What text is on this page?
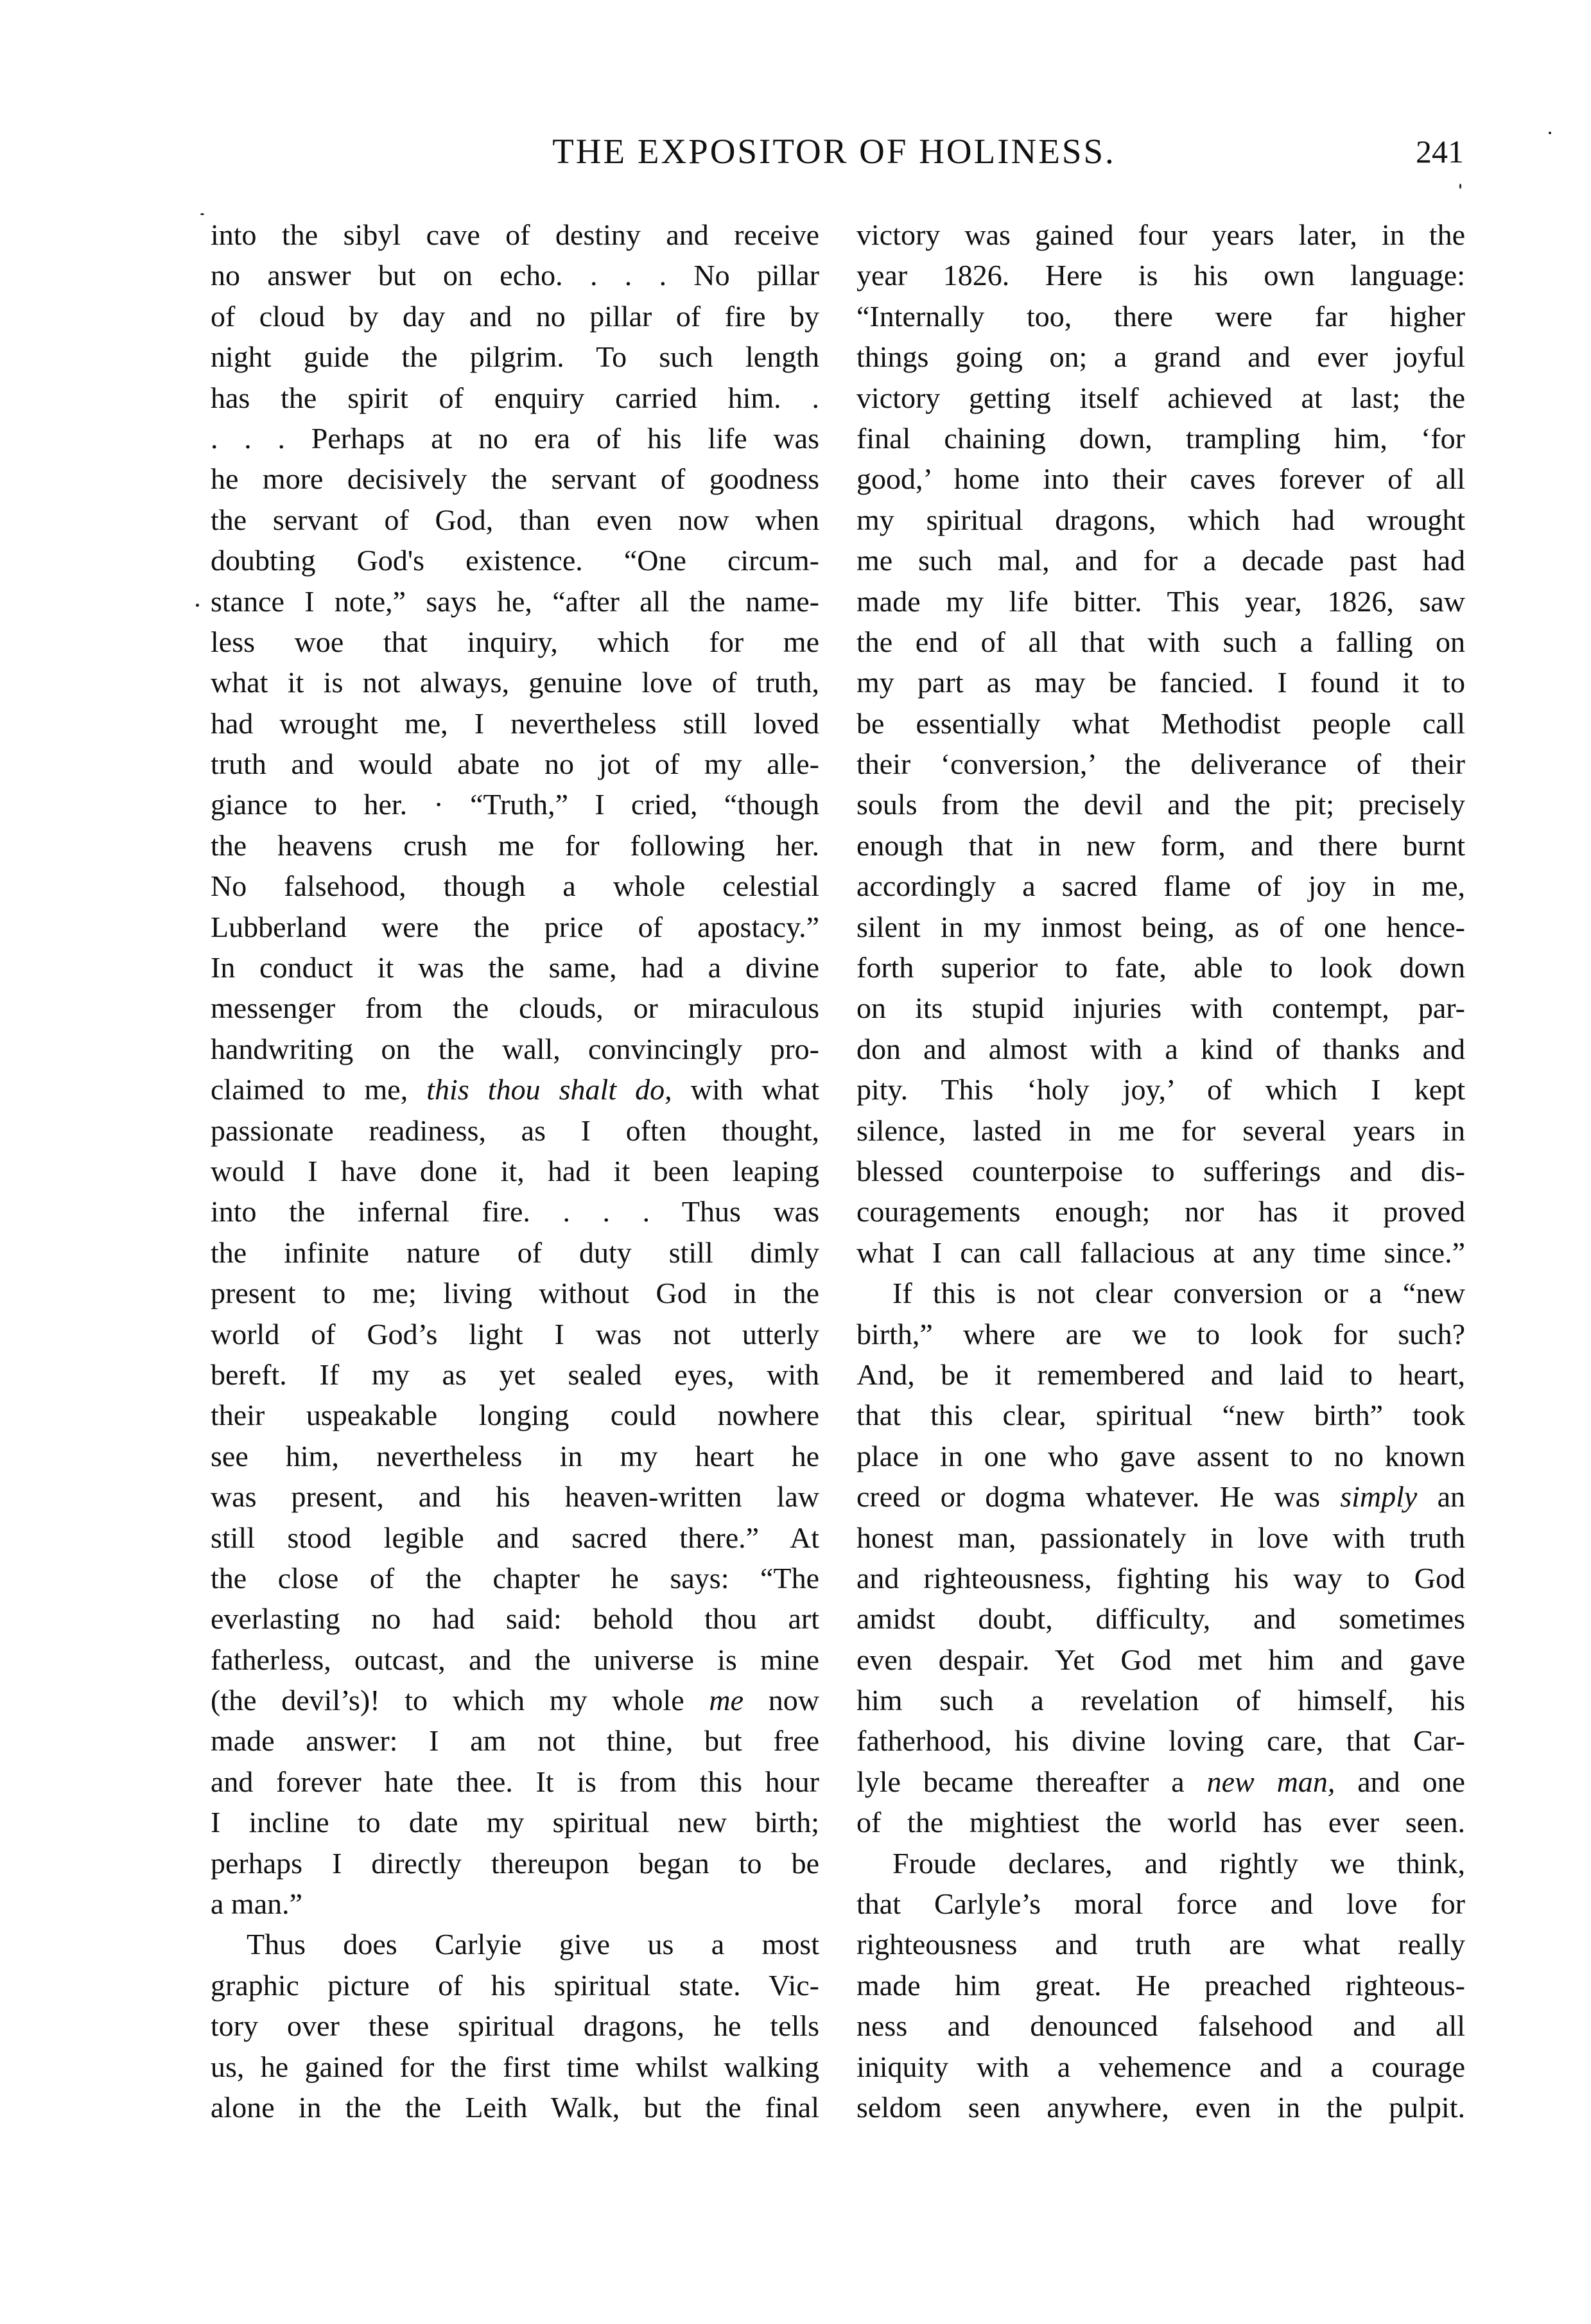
THE EXPOSITOR OF HOLINESS.	241
into the sibyl cave of destiny and receive
no answer but on echo. . . . No pillar
of cloud by day and no pillar of fire by
night guide the pilgrim. To such length
has the spirit of enquiry carried him. .
. . . Perhaps at no era of his life was
he more decisively the servant of goodness
the servant of God, than even now when
doubting God's existence. “One circum-
stance I note,” says he, “after all the name-
less woe that inquiry, which for me
what it is not always, genuine love of truth,
had wrought me, I nevertheless still loved
truth and would abate no jot of my alle-
giance to her. · “Truth,” I cried, “though
the heavens crush me for following her.
No falsehood, though a whole celestial
Lubberland were the price of apostacy.”
In conduct it was the same, had a divine
messenger from the clouds, or miraculous
handwriting on the wall, convincingly pro-
claimed to me, this thou shalt do, with what
passionate readiness, as I often thought,
would I have done it, had it been leaping
into the infernal fire. . . . Thus was
the infinite nature of duty still dimly
present to me; living without God in the
world of God’s light I was not utterly
bereft. If my as yet sealed eyes, with
their uspeakable longing could nowhere
see him, nevertheless in my heart he
was present, and his heaven-written law
still stood legible and sacred there.” At
the close of the chapter he says: “The
everlasting no had said: behold thou art
fatherless, outcast, and the universe is mine
(the devil’s)! to which my whole me now
made answer: I am not thine, but free
and forever hate thee. It is from this hour
I incline to date my spiritual new birth;
perhaps I directly thereupon began to be
a man.”
Thus does Carlyie give us a most
graphic picture of his spiritual state. Vic-
tory over these spiritual dragons, he tells
us, he gained for the first time whilst walking
alone in the the Leith Walk, but the final
victory was gained four years later, in the
year 1826. Here is his own language:
“Internally too, there were far higher
things going on; a grand and ever joyful
victory getting itself achieved at last; the
final chaining down, trampling him, ‘for
good,’ home into their caves forever of all
my spiritual dragons, which had wrought
me such mal, and for a decade past had
made my life bitter. This year, 1826, saw
the end of all that with such a falling on
my part as may be fancied. I found it to
be essentially what Methodist people call
their ‘conversion,’ the deliverance of their
souls from the devil and the pit; precisely
enough that in new form, and there burnt
accordingly a sacred flame of joy in me,
silent in my inmost being, as of one hence-
forth superior to fate, able to look down
on its stupid injuries with contempt, par-
don and almost with a kind of thanks and
pity. This ‘holy joy,’ of which I kept
silence, lasted in me for several years in
blessed counterpoise to sufferings and dis-
couragements enough; nor has it proved
what I can call fallacious at any time since.”
If this is not clear conversion or a “new
birth,” where are we to look for such?
And, be it remembered and laid to heart,
that this clear, spiritual “new birth” took
place in one who gave assent to no known
creed or dogma whatever. He was simply an
honest man, passionately in love with truth
and righteousness, fighting his way to God
amidst doubt, difficulty, and sometimes
even despair. Yet God met him and gave
him such a revelation of himself, his
fatherhood, his divine loving care, that Car-
lyle became thereafter a new man, and one
of the mightiest the world has ever seen.
Froude declares, and rightly we think,
that Carlyle’s moral force and love for
righteousness and truth are what really
made him great. He preached righteous-
ness and denounced falsehood and all
iniquity with a vehemence and a courage
seldom seen anywhere, even in the pulpit.
